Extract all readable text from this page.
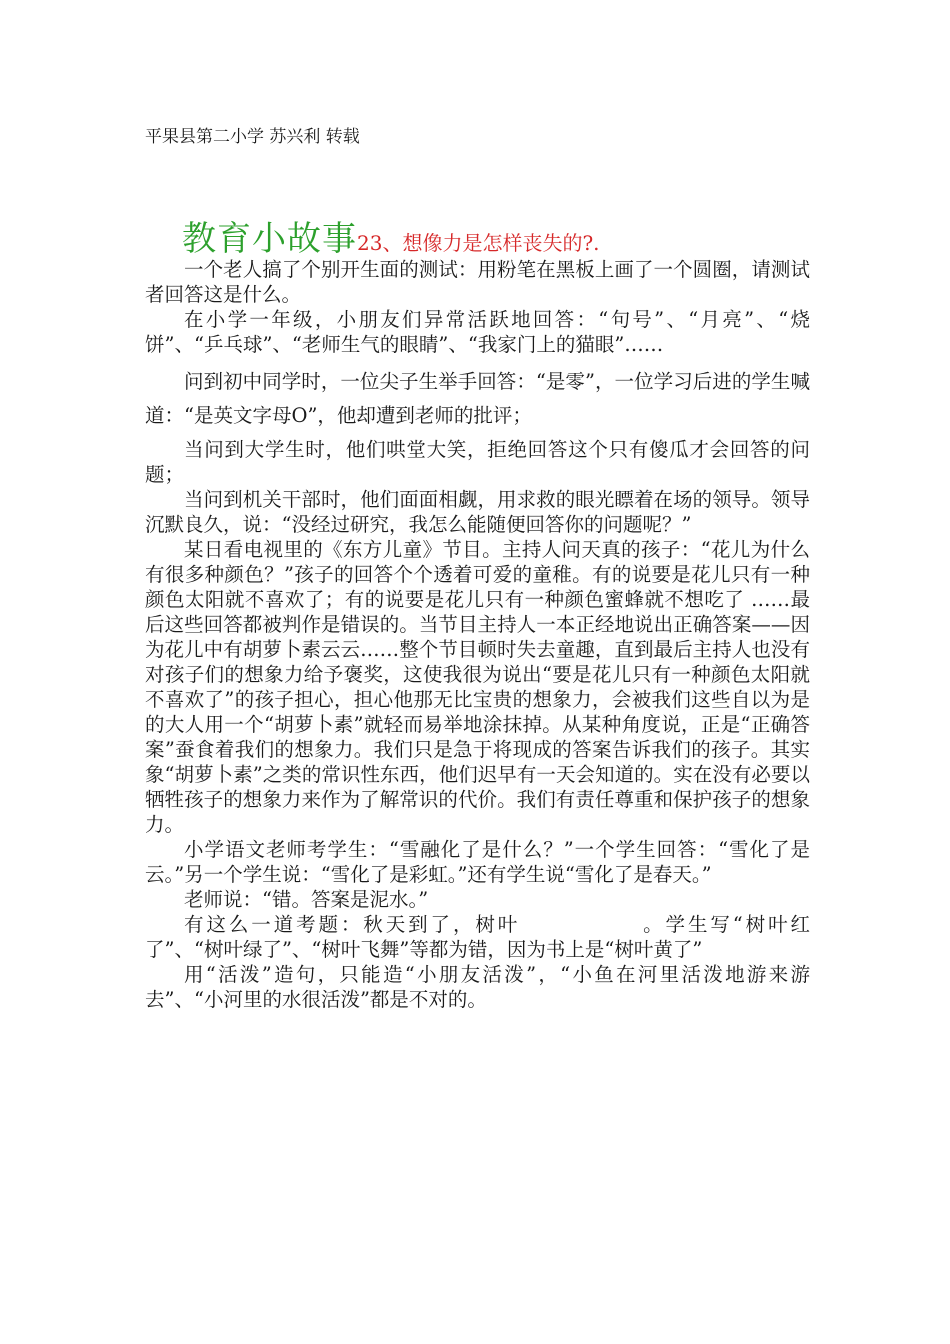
平果县第二小学 苏兴利 转载
教育小故事23、想像力是怎样丧失的?.

一个老人搞了个别开生面的测试：用粉笔在黑板上画了一个圆圈，请测试者回答这是什么。

在小学一年级，小朋友们异常活跃地回答：“句号”、“月亮”、“烧饼”、“乒乓球”、“老师生气的眼睛”、“我家门上的猫眼”……

问到初中同学时，一位尖子生举手回答：“是零”，一位学习后进的学生喊道：“是英文字母O”，他却遭到老师的批评；

当问到大学生时，他们哄堂大笑，拒绝回答这个只有傻瓜才会回答的问题；

当问到机关干部时，他们面面相觑，用求救的眼光瞟着在场的领导。领导沉默良久，说：“没经过研究，我怎么能随便回答你的问题呢？”

某日看电视里的《东方儿童》节目。主持人问天真的孩子：“花儿为什么有很多种颜色？”孩子的回答个个透着可爱的童稚。有的说要是花儿只有一种颜色太阳就不喜欢了；有的说要是花儿只有一种颜色蜜蜂就不想吃了 ……最后这些回答都被判作是错误的。当节目主持人一本正经地说出正确答案——因为花儿中有胡萝卜素云云……整个节目顿时失去童趣，直到最后主持人也没有对孩子们的想象力给予褒奖，这使我很为说出“要是花儿只有一种颜色太阳就不喜欢了”的孩子担心，担心他那无比宝贵的想象力，会被我们这些自以为是的大人用一个“胡萝卜素”就轻而易举地涂抹掉。从某种角度说，正是“正确答案”蚕食着我们的想象力。我们只是急于将现成的答案告诉我们的孩子。其实象“胡萝卜素”之类的常识性东西，他们迟早有一天会知道的。实在没有必要以牺牲孩子的想象力来作为了解常识的代价。我们有责任尊重和保护孩子的想象力。

小学语文老师考学生：“雪融化了是什么？”一个学生回答：“雪化了是云。”另一个学生说：“雪化了是彩虹。”还有学生说“雪化了是春天。”

老师说：“错。答案是泥水。”

有这么一道考题：秋天到了，树叶	。学生写“树叶红了”、“树叶绿了”、“树叶飞舞”等都为错，因为书上是“树叶黄了”

用“活泼”造句，只能造“小朋友活泼”，“小鱼在河里活泼地游来游去”、“小河里的水很活泼”都是不对的。
